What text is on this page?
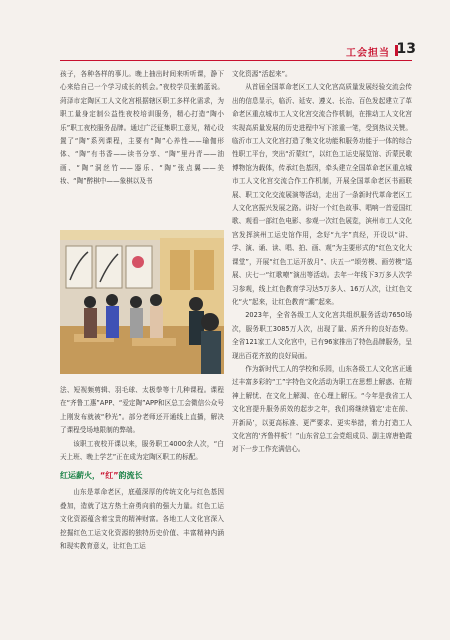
工会担当 13

孩子，各种各样的事儿。晚上抽出时间来听听课，静下心来给自己一个学习成长的机会。”夜校学员张鹤蓝说。菏泽市定陶区工人文化宫根据辖区职工多样化需求，为职工量身定制公益性夜校培训服务，精心打造“陶小乐”职工夜校服务品牌。通过广泛征集职工意见，精心设置了“陶”系列课程，主要有“陶”心养性——瑜伽形体、“陶”有书香——读书分享、“陶”里丹青——油画、“陶”洞丝竹——器乐、“陶”张点翼——美妆、“陶”醉棋中——象棋以及书

法、短视频剪辑、羽毛球、太极拳等十几种课程。课程在“齐鲁工惠”APP、“爱定陶”APP和区总工会微信公众号上刚发布就被“秒光”。部分老师还开通线上直播，解决了课程受场地限制的弊端。

该职工夜校开课以来，服务职工4000余人次，“白天上班、晚上学艺”正在成为定陶区职工的标配。

红运薪火，“红”韵流长

山东是革命老区，底蕴深厚的传统文化与红色基因叠加，造就了这方热土奋勇向前的强大力量。红色工运文化资源蕴含着宝贵的精神财富。各地工人文化宫深入挖掘红色工运文化资源的独特历史价值、丰富精神内涵和现实教育意义，让红色工运

文化资源“活起来”。

从首届全国革命老区工人文化宫高质量发展经验交流会传出的信息显示，临沂、延安、遵义、长治、百色发起建立了革命老区重点城市工人文化宫交流合作机制，在推动工人文化宫实现高质量发展的历史进程中写下浓重一笔，受到热议关赞。临沂市工人文化宫打造了集文化功能和服务功能于一体的综合性职工平台，突出“沂蒙红”，以红色工运史展览馆、沂蒙民歌博物馆为载体，传承红色基因，牵头建立全国革命老区重点城市工人文化宫交流合作工作机制，开展全国革命老区书画联展、职工文化交流展演等活动，走出了一条新时代革命老区工人文化宫振兴发展之路。讲好一个红色故事、唱响一首爱国红歌、观看一部红色电影、参观一次红色展览，滨州市工人文化宫发挥滨州工运史馆作用，念好“九字”真经，开设以“讲、学、演、诵、读、唱、拍、画、观”为主要形式的“红色文化大课堂”，开展“红色工运开放月”、庆五一“颂劳模、画劳模”巡展、庆七一“红歌嘹”演出等活动。去年一年线下3万多人次学习参观，线上红色教育学习达5万多人、16万人次，让红色文化“火”起来，让红色教育“潮”起来。

2023年，全省各级工人文化宫共组织服务活动7650场次，服务职工3085万人次，出现了量、质齐升的良好态势。全省121家工人文化宫中，已有96家推出了特色品牌服务，呈现出百花齐放的良好局面。

作为新时代工人的学校和乐园，山东各级工人文化宫正通过丰富多彩的“工”字特色文化活动为职工在思想上解惑、在精神上解忧、在文化上解渴、在心理上解压。“今年是我省工人文化宫提升服务质效的起步之年，我们将继续锚定‘走在前、开新局’，以更高标准、更严要求、更实举措，着力打造工人文化宫的‘齐鲁样板’！”山东省总工会党组成员、副主席唐艳霞对下一步工作充满信心。
